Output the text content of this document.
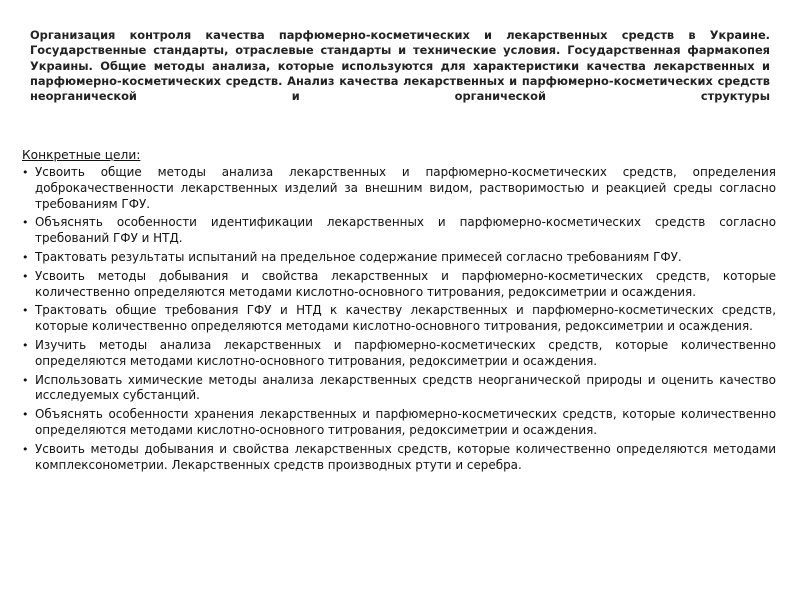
Организация контроля качества парфюмерно-косметических и лекарственных средств в Украине. Государственные стандарты, отраслевые стандарты и технические условия. Государственная фармакопея Украины. Общие методы анализа, которые используются для характеристики качества лекарственных и парфюмерно-косметических средств. Анализ качества лекарственных и парфюмерно-косметических средств неорганической и органической структуры

Конкретные цели:

• Усвоить общие методы анализа лекарственных и парфюмерно-косметических средств, определения доброкачественности лекарственных изделий за внешним видом, растворимостью и реакцией среды согласно требованиям ГФУ.
• Объяснять особенности идентификации лекарственных и парфюмерно-косметических средств согласно требований ГФУ и НТД.
• Трактовать результаты испытаний на предельное содержание примесей согласно требованиям ГФУ.
• Усвоить методы добывания и свойства лекарственных и парфюмерно-косметических средств, которые количественно определяются методами кислотно-основного титрования, редоксиметрии и осаждения.
• Трактовать общие требования ГФУ и НТД к качеству лекарственных и парфюмерно-косметических средств, которые количественно определяются методами кислотно-основного титрования, редоксиметрии и осаждения.
• Изучить методы анализа лекарственных и парфюмерно-косметических средств, которые количественно определяются методами кислотно-основного титрования, редоксиметрии и осаждения.
• Использовать химические методы анализа лекарственных средств неорганической природы и оценить качество исследуемых субстанций.
• Объяснять особенности хранения лекарственных и парфюмерно-косметических средств, которые количественно определяются методами кислотно-основного титрования, редоксиметрии и осаждения.
• Усвоить методы добывания и свойства лекарственных средств, которые количественно определяются методами комплексонометрии. Лекарственных средств производных ртути и серебра.
